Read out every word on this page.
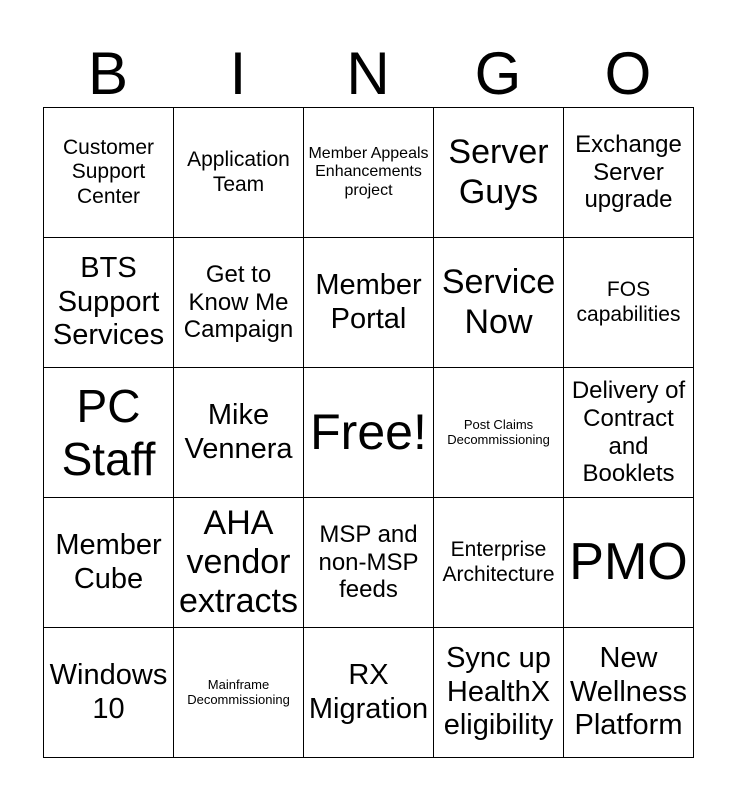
B	I	N	G	O
Customer Support Center	Application Team	Member Appeals Enhancements project	Server Guys	Exchange Server upgrade

BTS Support Services	Get to Know Me Campaign	Member Portal	Service Now	FOS capabilities

PC Staff	Mike Vennera	Free!	Post Claims Decommissioning	Delivery of Contract and Booklets

Member Cube	AHA vendor extracts	MSP and non-MSP feeds	Enterprise Architecture	PMO

Windows 10	Mainframe Decommissioning	RX Migration	Sync up HealthX eligibility	New Wellness Platform
